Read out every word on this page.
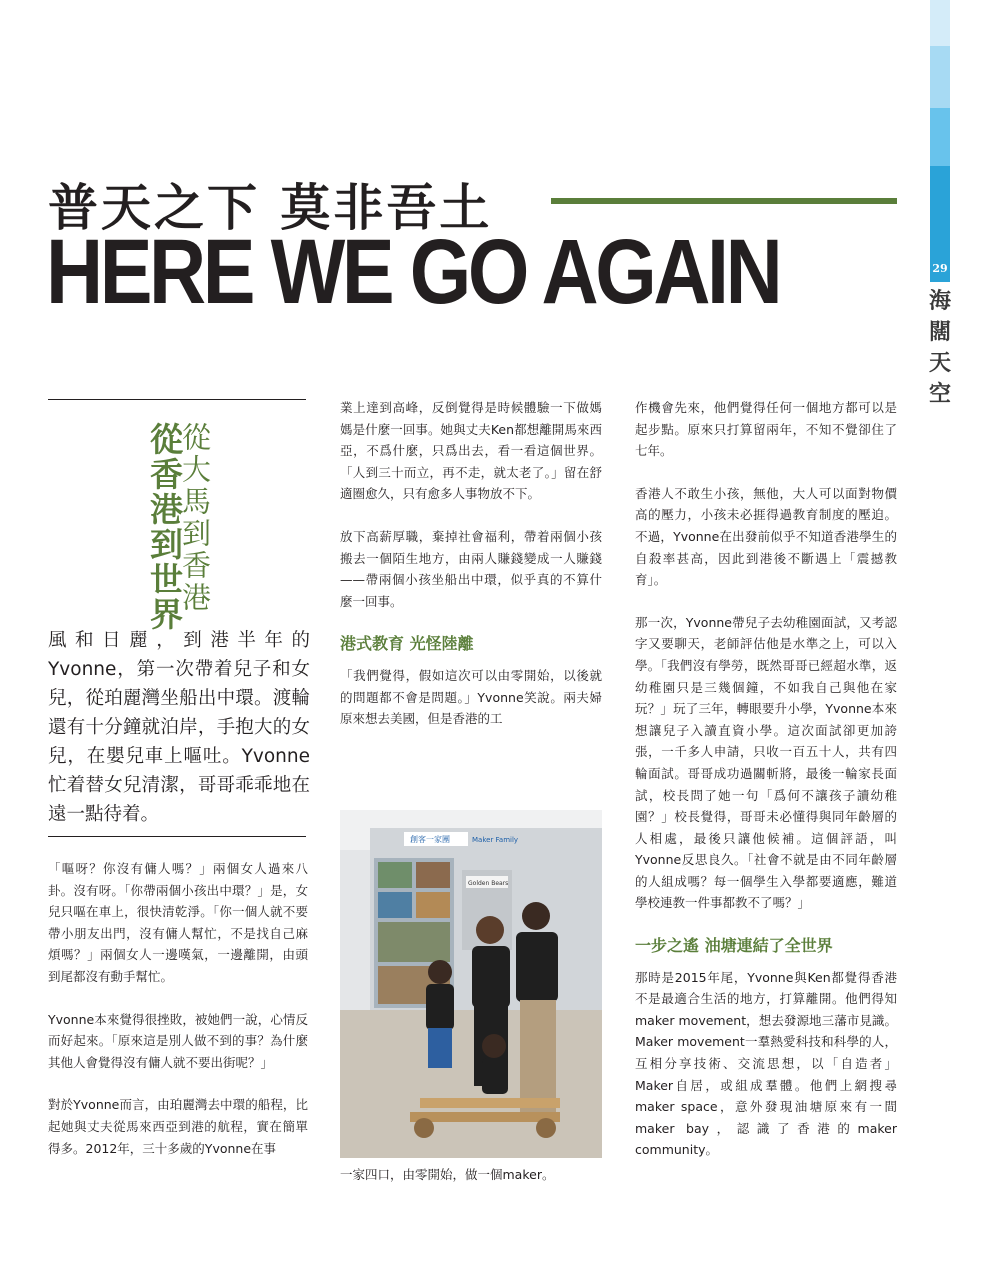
29
海闊天空
普天之下 莫非吾土
HERE WE GO AGAIN
從香港到世界
從大馬到香港
風和日麗，到港半年的Yvonne，第一次帶着兒子和女兒，從珀麗灣坐船出中環。渡輪還有十分鐘就泊岸，手抱大的女兒，在嬰兒車上嘔吐。Yvonne忙着替女兒清潔，哥哥乖乖地在遠一點待着。

「嘔呀？你沒有傭人嗎？」兩個女人過來八卦。沒有呀。「你帶兩個小孩出中環？」是，女兒只嘔在車上，很快清乾淨。「你一個人就不要帶小朋友出門，沒有傭人幫忙，不是找自己麻煩嗎？」兩個女人一邊嘆氣，一邊離開，由頭到尾都沒有動手幫忙。

Yvonne本來覺得很挫敗，被她們一說，心情反而好起來。「原來這是別人做不到的事？為什麼其他人會覺得沒有傭人就不要出街呢？」

對於Yvonne而言，由珀麗灣去中環的船程，比起她與丈夫從馬來西亞到港的航程，實在簡單得多。2012年，三十多歲的Yvonne在事

業上達到高峰，反倒覺得是時候體驗一下做媽媽是什麼一回事。她與丈夫Ken都想離開馬來西亞，不爲什麼，只爲出去，看一看這個世界。「人到三十而立，再不走，就太老了。」留在舒適圈愈久，只有愈多人事物放不下。

放下高薪厚職，棄掉社會福利，帶着兩個小孩搬去一個陌生地方，由兩人賺錢變成一人賺錢——帶兩個小孩坐船出中環，似乎真的不算什麼一回事。

港式教育 光怪陸離

「我們覺得，假如這次可以由零開始，以後就的問題都不會是問題。」Yvonne笑說。兩夫婦原來想去美國，但是香港的工

創客一家團	Maker Family
Golden Bears
一家四口，由零開始，做一個maker。

作機會先來，他們覺得任何一個地方都可以是起步點。原來只打算留兩年，不知不覺卻住了七年。

香港人不敢生小孩，無他，大人可以面對物價高的壓力，小孩未必捱得過教育制度的壓迫。不過，Yvonne在出發前似乎不知道香港學生的自殺率甚高，因此到港後不斷遇上「震撼教育」。

那一次，Yvonne帶兒子去幼稚園面試，又考認字又要聊天，老師評估他是水準之上，可以入學。「我們沒有學勞，既然哥哥已經超水準，返幼稚園只是三幾個鐘，不如我自己與他在家玩？」玩了三年，轉眼要升小學，Yvonne本來想讓兒子入讀直資小學。這次面試卻更加誇張，一千多人申請，只收一百五十人，共有四輪面試。哥哥成功過關斬將，最後一輪家長面試，校長問了她一句「爲何不讓孩子讀幼稚園？」校長覺得，哥哥未必懂得與同年齡層的人相處，最後只讓他候補。這個評語，叫Yvonne反思良久。「社會不就是由不同年齡層的人組成嗎？每一個學生入學都要適應，難道學校連教一件事都教不了嗎？」

一步之遙 油塘連結了全世界

那時是2015年尾，Yvonne與Ken都覺得香港不是最適合生活的地方，打算離開。他們得知maker movement，想去發源地三藩市見識。Maker movement一羣熱愛科技和科學的人，互相分享技術、交流思想，以「自造者」Maker自居，或組成羣體。他們上網搜尋maker space，意外發現油塘原來有一間maker bay，認識了香港的maker community。
